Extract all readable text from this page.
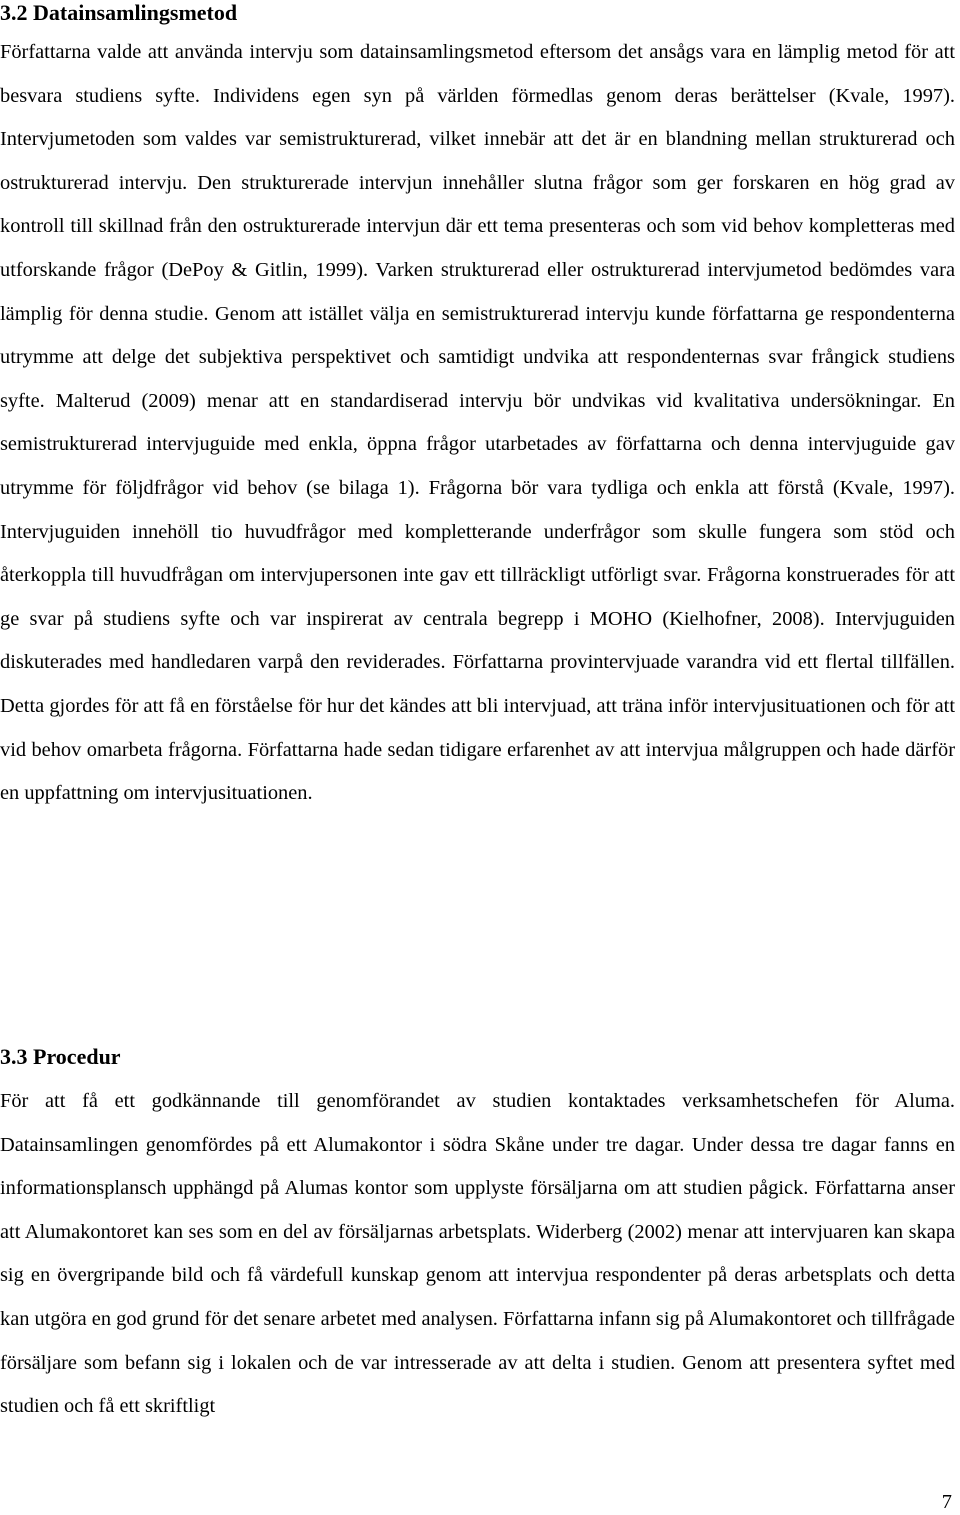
3.2 Datainsamlingsmetod

Författarna valde att använda intervju som datainsamlingsmetod eftersom det ansågs vara en lämplig metod för att besvara studiens syfte. Individens egen syn på världen förmedlas genom deras berättelser (Kvale, 1997). Intervjumetoden som valdes var semistrukturerad, vilket innebär att det är en blandning mellan strukturerad och ostrukturerad intervju. Den strukturerade intervjun innehåller slutna frågor som ger forskaren en hög grad av kontroll till skillnad från den ostrukturerade intervjun där ett tema presenteras och som vid behov kompletteras med utforskande frågor (DePoy & Gitlin, 1999). Varken strukturerad eller ostrukturerad intervjumetod bedömdes vara lämplig för denna studie. Genom att istället välja en semistrukturerad intervju kunde författarna ge respondenterna utrymme att delge det subjektiva perspektivet och samtidigt undvika att respondenternas svar frångick studiens syfte. Malterud (2009) menar att en standardiserad intervju bör undvikas vid kvalitativa undersökningar. En semistrukturerad intervjuguide med enkla, öppna frågor utarbetades av författarna och denna intervjuguide gav utrymme för följdfrågor vid behov (se bilaga 1). Frågorna bör vara tydliga och enkla att förstå (Kvale, 1997). Intervjuguiden innehöll tio huvudfrågor med kompletterande underfrågor som skulle fungera som stöd och återkoppla till huvudfrågan om intervjupersonen inte gav ett tillräckligt utförligt svar. Frågorna konstruerades för att ge svar på studiens syfte och var inspirerat av centrala begrepp i MOHO (Kielhofner, 2008). Intervjuguiden diskuterades med handledaren varpå den reviderades. Författarna provintervjuade varandra vid ett flertal tillfällen. Detta gjordes för att få en förståelse för hur det kändes att bli intervjuad, att träna inför intervjusituationen och för att vid behov omarbeta frågorna. Författarna hade sedan tidigare erfarenhet av att intervjua målgruppen och hade därför en uppfattning om intervjusituationen.

3.3 Procedur

För att få ett godkännande till genomförandet av studien kontaktades verksamhetschefen för Aluma. Datainsamlingen genomfördes på ett Alumakontor i södra Skåne under tre dagar. Under dessa tre dagar fanns en informationsplansch upphängd på Alumas kontor som upplyste försäljarna om att studien pågick. Författarna anser att Alumakontoret kan ses som en del av försäljarnas arbetsplats. Widerberg (2002) menar att intervjuaren kan skapa sig en övergripande bild och få värdefull kunskap genom att intervjua respondenter på deras arbetsplats och detta kan utgöra en god grund för det senare arbetet med analysen. Författarna infann sig på Alumakontoret och tillfrågade försäljare som befann sig i lokalen och de var intresserade av att delta i studien. Genom att presentera syftet med studien och få ett skriftligt

7
